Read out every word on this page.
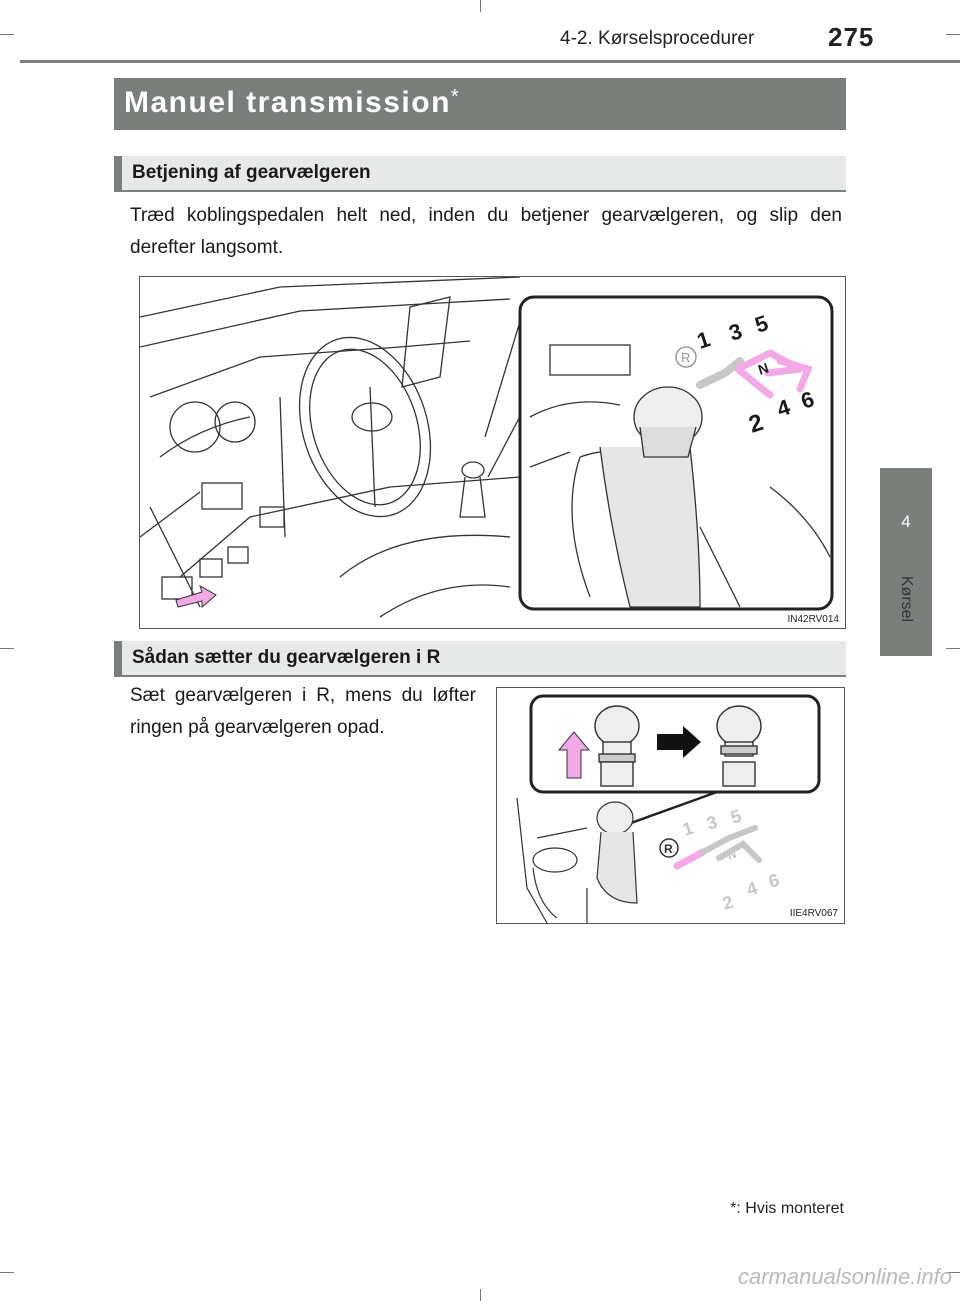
4-2. Kørselsprocedurer	275
4
Kørsel
Manuel transmission*
Betjening af gearvælgeren
Træd koblingspedalen helt ned, inden du betjener gearvælgeren, og slip den derefter langsomt.
1 3 5
N
2
4 6
R
IN42RV014
Sådan sætter du gearvælgeren i R
Sæt gearvælgeren i R, mens du løfter ringen på gearvælgeren opad.
1 3 5
N
2
4 6
R
IIE4RV067
*: Hvis monteret
carmanualsonline.info
